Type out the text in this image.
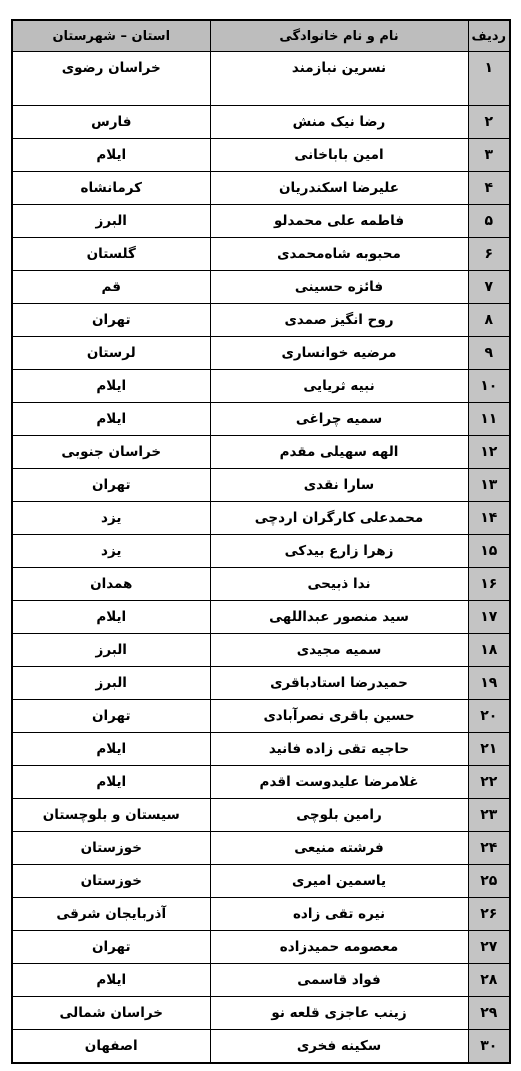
ردیف	نام و نام خانوادگی	استان – شهرستان
۱	نسرین نبازمند	خراسان رضوی
۲	رضا نیک منش	فارس
۳	امین باباخانی	ایلام
۴	علیرضا اسکندریان	کرمانشاه
۵	فاطمه علی محمدلو	البرز
۶	محبوبه شاه‌محمدی	گلستان
۷	فائزه حسینی	قم
۸	روح انگیز صمدی	تهران
۹	مرضیه خوانساری	لرستان
۱۰	نبیه ثریایی	ایلام
۱۱	سمیه چراغی	ایلام
۱۲	الهه سهیلی مقدم	خراسان جنوبی
۱۳	سارا نقدی	تهران
۱۴	محمدعلی کارگران اردچی	یزد
۱۵	زهرا زارع بیدکی	یزد
۱۶	ندا ذبیحی	همدان
۱۷	سید منصور عبداللهی	ایلام
۱۸	سمیه مجیدی	البرز
۱۹	حمیدرضا استادباقری	البرز
۲۰	حسین باقری نصرآبادی	تهران
۲۱	حاجیه تقی زاده فانید	ایلام
۲۲	غلامرضا علیدوست اقدم	ایلام
۲۳	رامین بلوچی	سیستان و بلوچستان
۲۴	فرشته منیعی	خوزستان
۲۵	یاسمین امیری	خوزستان
۲۶	نیره تقی زاده	آذربایجان شرقی
۲۷	معصومه حمیدزاده	تهران
۲۸	فواد قاسمی	ایلام
۲۹	زینب عاجزی قلعه نو	خراسان شمالی
۳۰	سکینه فخری	اصفهان
